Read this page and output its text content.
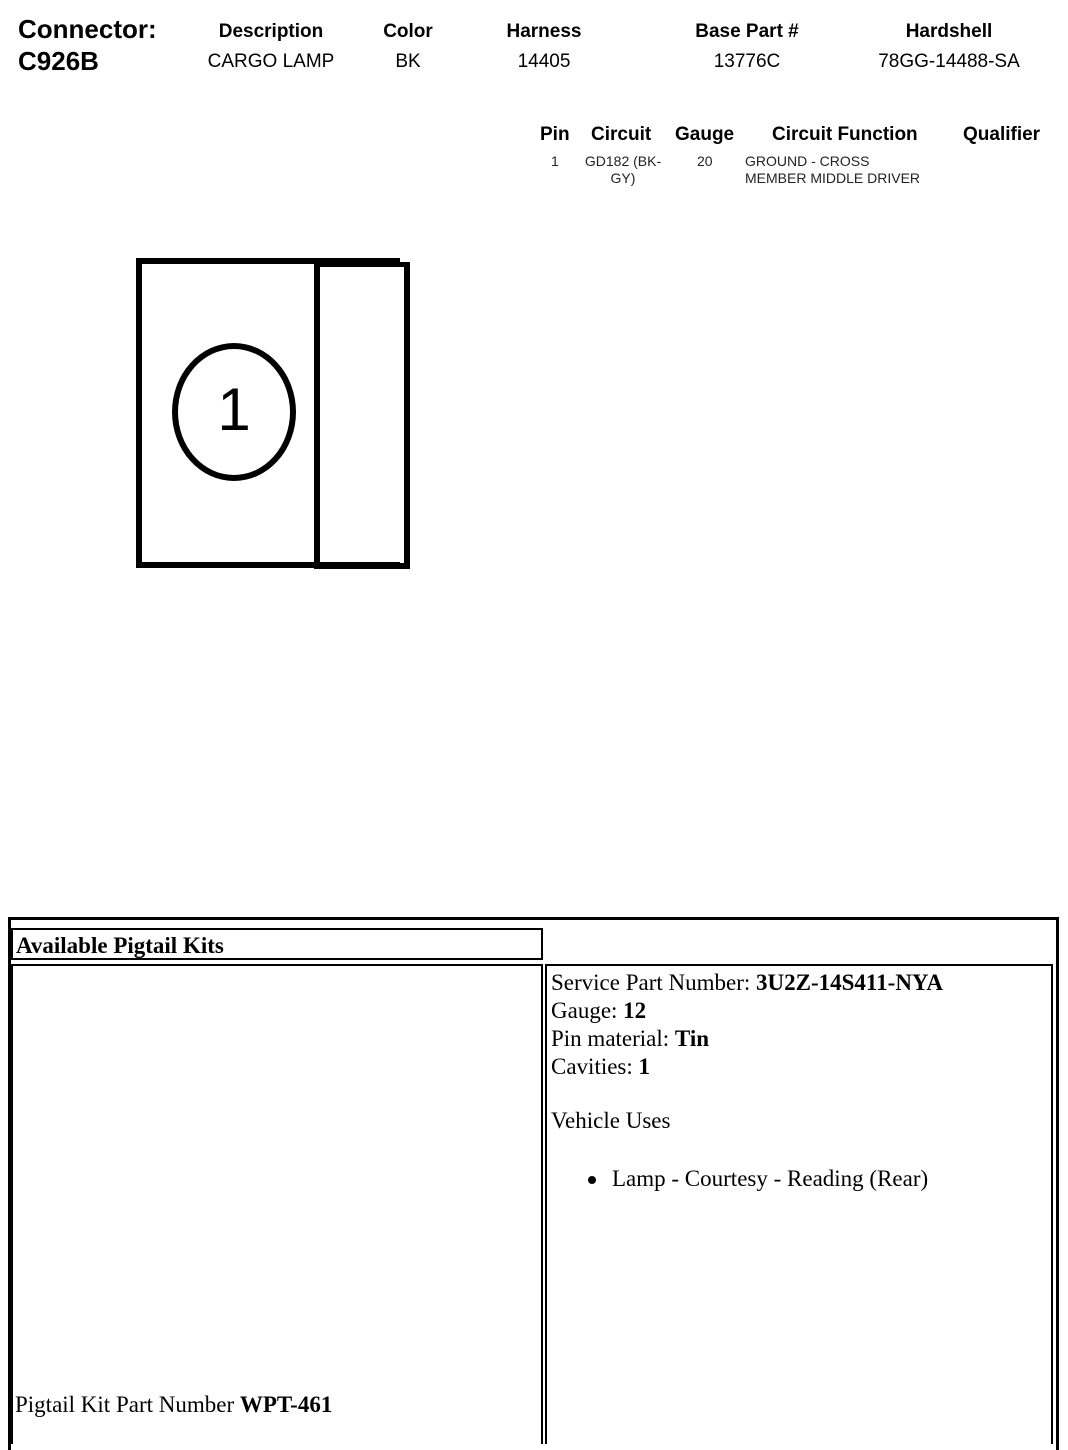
Connector:
C926B
Description
CARGO LAMP
Color
BK
Harness
14405
Base Part #
13776C
Hardshell
78GG-14488-SA
Pin Circuit Gauge Circuit Function Qualifier
1	GD182 (BK-
GY)
20 GROUND - CROSS
MEMBER MIDDLE DRIVER
1
Available Pigtail Kits
Service Part Number: 3U2Z-14S411-NYA
Gauge: 12
Pin material: Tin
Cavities: 1
Vehicle Uses
Lamp - Courtesy - Reading (Rear)
Pigtail Kit Part Number WPT-461
